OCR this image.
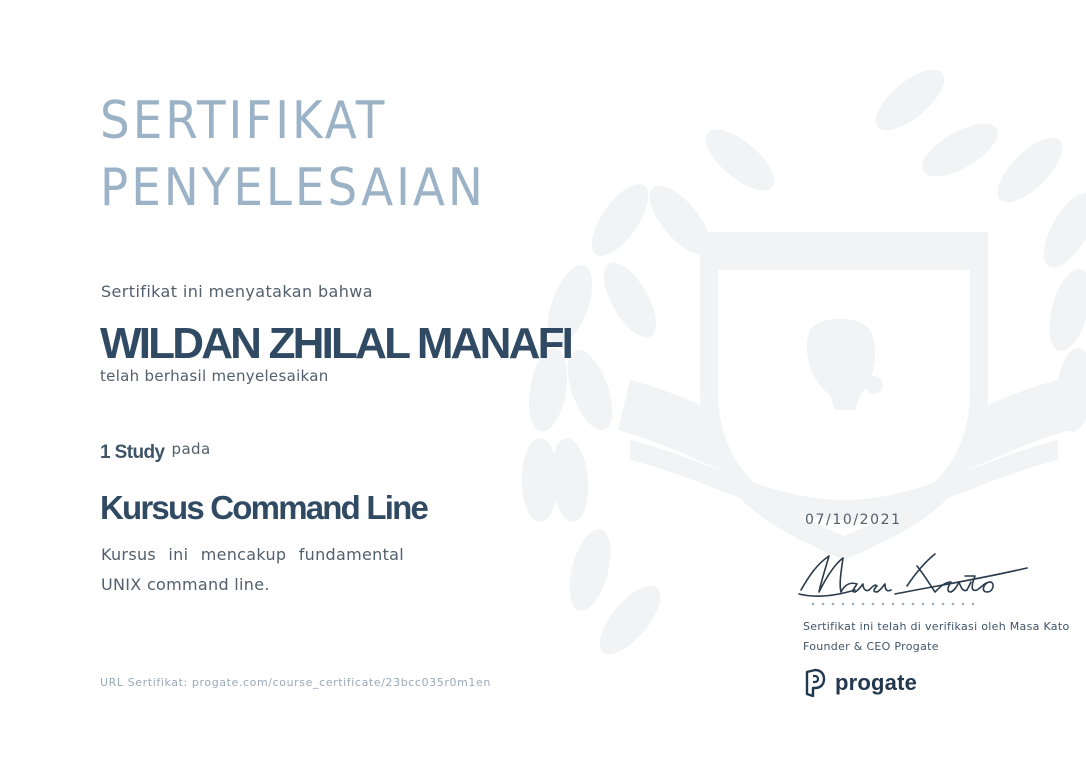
SERTIFIKAT
PENYELESAIAN
Sertifikat ini menyatakan bahwa
WILDAN ZHILAL MANAFI
telah berhasil menyelesaikan
1 Study pada
Kursus Command Line
Kursus ini mencakup fundamental UNIX command line.
URL Sertifikat: progate.com/course_certificate/23bcc035r0m1en
07/10/2021
Sertifikat ini telah di verifikasi oleh Masa Kato
Founder & CEO Progate
progate
